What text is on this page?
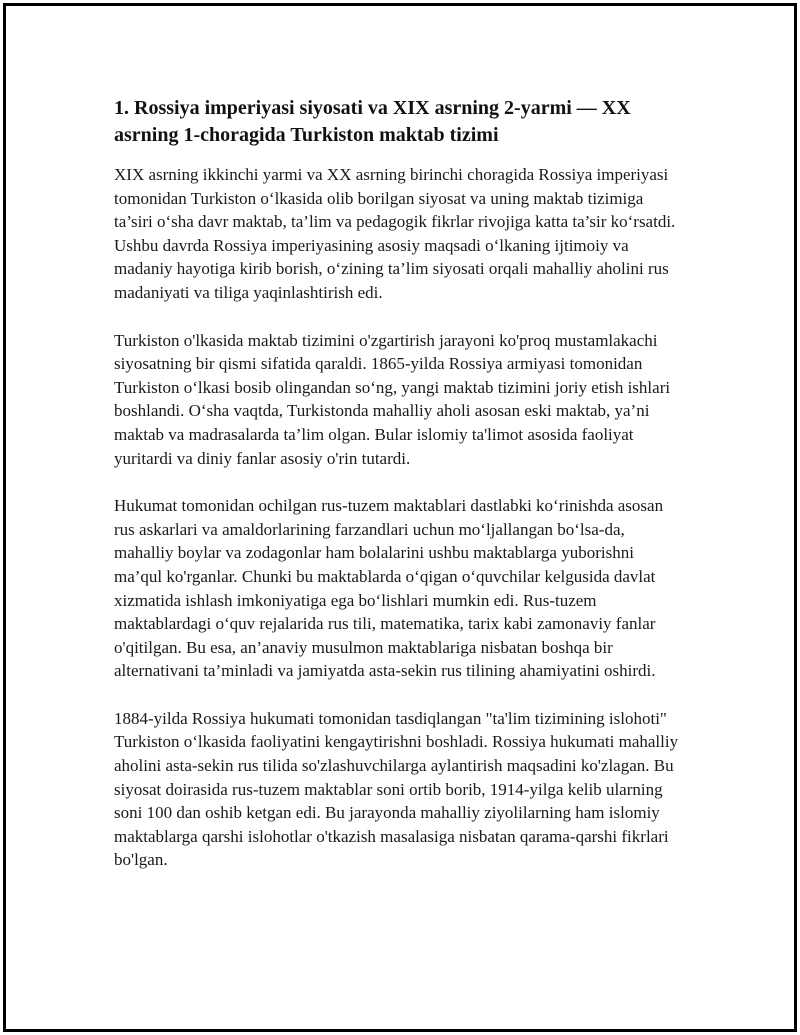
1. Rossiya imperiyasi siyosati va XIX asrning 2-yarmi — XX asrning 1-choragida Turkiston maktab tizimi

XIX asrning ikkinchi yarmi va XX asrning birinchi choragida Rossiya imperiyasi tomonidan Turkiston o‘lkasida olib borilgan siyosat va uning maktab tizimiga ta’siri o‘sha davr maktab, ta’lim va pedagogik fikrlar rivojiga katta ta’sir ko‘rsatdi. Ushbu davrda Rossiya imperiyasining asosiy maqsadi o‘lkaning ijtimoiy va madaniy hayotiga kirib borish, o‘zining ta’lim siyosati orqali mahalliy aholini rus madaniyati va tiliga yaqinlashtirish edi.

Turkiston o'lkasida maktab tizimini o'zgartirish jarayoni ko'proq mustamlakachi siyosatning bir qismi sifatida qaraldi. 1865-yilda Rossiya armiyasi tomonidan Turkiston o‘lkasi bosib olingandan so‘ng, yangi maktab tizimini joriy etish ishlari boshlandi. O‘sha vaqtda, Turkistonda mahalliy aholi asosan eski maktab, ya’ni maktab va madrasalarda ta’lim olgan. Bular islomiy ta'limot asosida faoliyat yuritardi va diniy fanlar asosiy o'rin tutardi.

Hukumat tomonidan ochilgan rus-tuzem maktablari dastlabki ko‘rinishda asosan rus askarlari va amaldorlarining farzandlari uchun mo‘ljallangan bo‘lsa-da, mahalliy boylar va zodagonlar ham bolalarini ushbu maktablarga yuborishni ma’qul ko'rganlar. Chunki bu maktablarda o‘qigan o‘quvchilar kelgusida davlat xizmatida ishlash imkoniyatiga ega bo‘lishlari mumkin edi. Rus-tuzem maktablardagi o‘quv rejalarida rus tili, matematika, tarix kabi zamonaviy fanlar o'qitilgan. Bu esa, an’anaviy musulmon maktablariga nisbatan boshqa bir alternativani ta’minladi va jamiyatda asta-sekin rus tilining ahamiyatini oshirdi.

1884-yilda Rossiya hukumati tomonidan tasdiqlangan "ta'lim tizimining islohoti" Turkiston o‘lkasida faoliyatini kengaytirishni boshladi. Rossiya hukumati mahalliy aholini asta-sekin rus tilida so'zlashuvchilarga aylantirish maqsadini ko'zlagan. Bu siyosat doirasida rus-tuzem maktablar soni ortib borib, 1914-yilga kelib ularning soni 100 dan oshib ketgan edi. Bu jarayonda mahalliy ziyolilarning ham islomiy maktablarga qarshi islohotlar o'tkazish masalasiga nisbatan qarama-qarshi fikrlari bo'lgan.
